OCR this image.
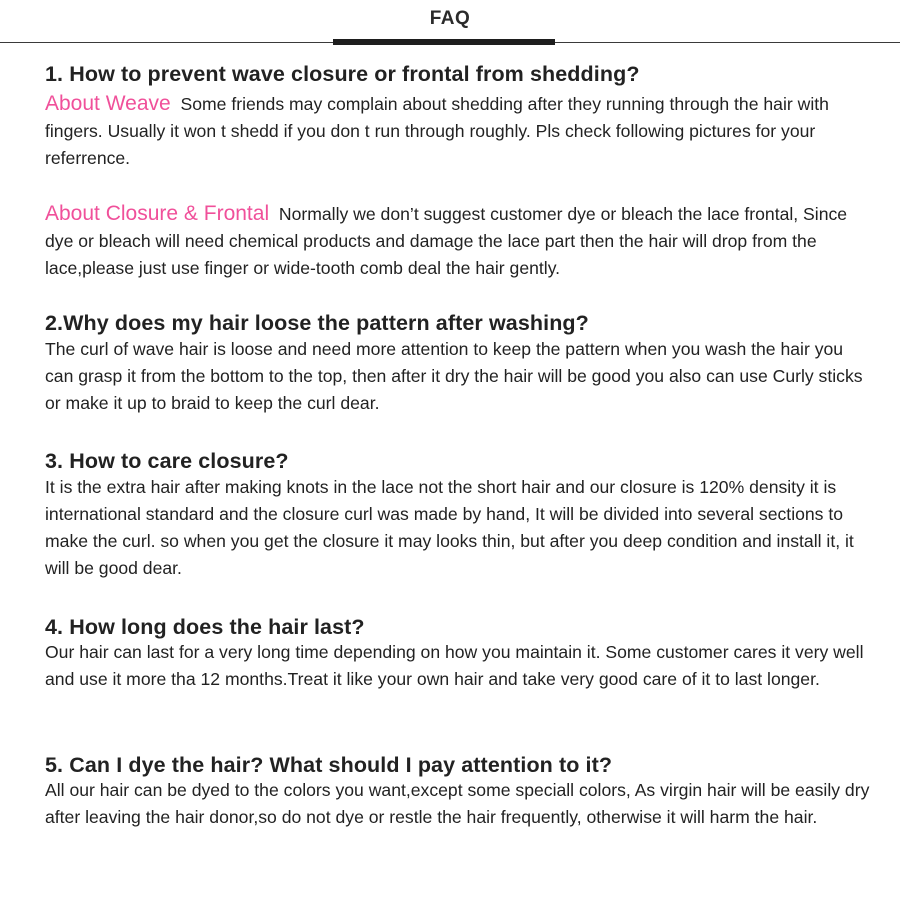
FAQ
1. How to prevent wave closure or frontal from shedding?

About Weave Some friends may complain about shedding after they running through the hair with fingers. Usually it won t shedd if you don t run through roughly. Pls check following pictures for your referrence.

About Closure & Frontal Normally we don’t suggest customer dye or bleach the lace frontal, Since dye or bleach will need chemical products and damage the lace part then the hair will drop from the lace,please just use finger or wide-tooth comb deal the hair gently.

2.Why does my hair loose the pattern after washing?

The curl of wave hair is loose and need more attention to keep the pattern when you wash the hair you can grasp it from the bottom to the top, then after it dry the hair will be good you also can use Curly sticks or make it up to braid to keep the curl dear.

3. How to care closure?

It is the extra hair after making knots in the lace not the short hair and our closure is 120% density it is international standard and the closure curl was made by hand, It will be divided into several sections to make the curl. so when you get the closure it may looks thin, but after you deep condition and install it, it will be good dear.

4. How long does the hair last?

Our hair can last for a very long time depending on how you maintain it. Some customer cares it very well and use it more tha 12 months.Treat it like your own hair and take very good care of it to last longer.

5. Can I dye the hair? What should I pay attention to it?

All our hair can be dyed to the colors you want,except some speciall colors, As virgin hair will be easily dry after leaving the hair donor,so do not dye or restle the hair frequently, otherwise it will harm the hair.
